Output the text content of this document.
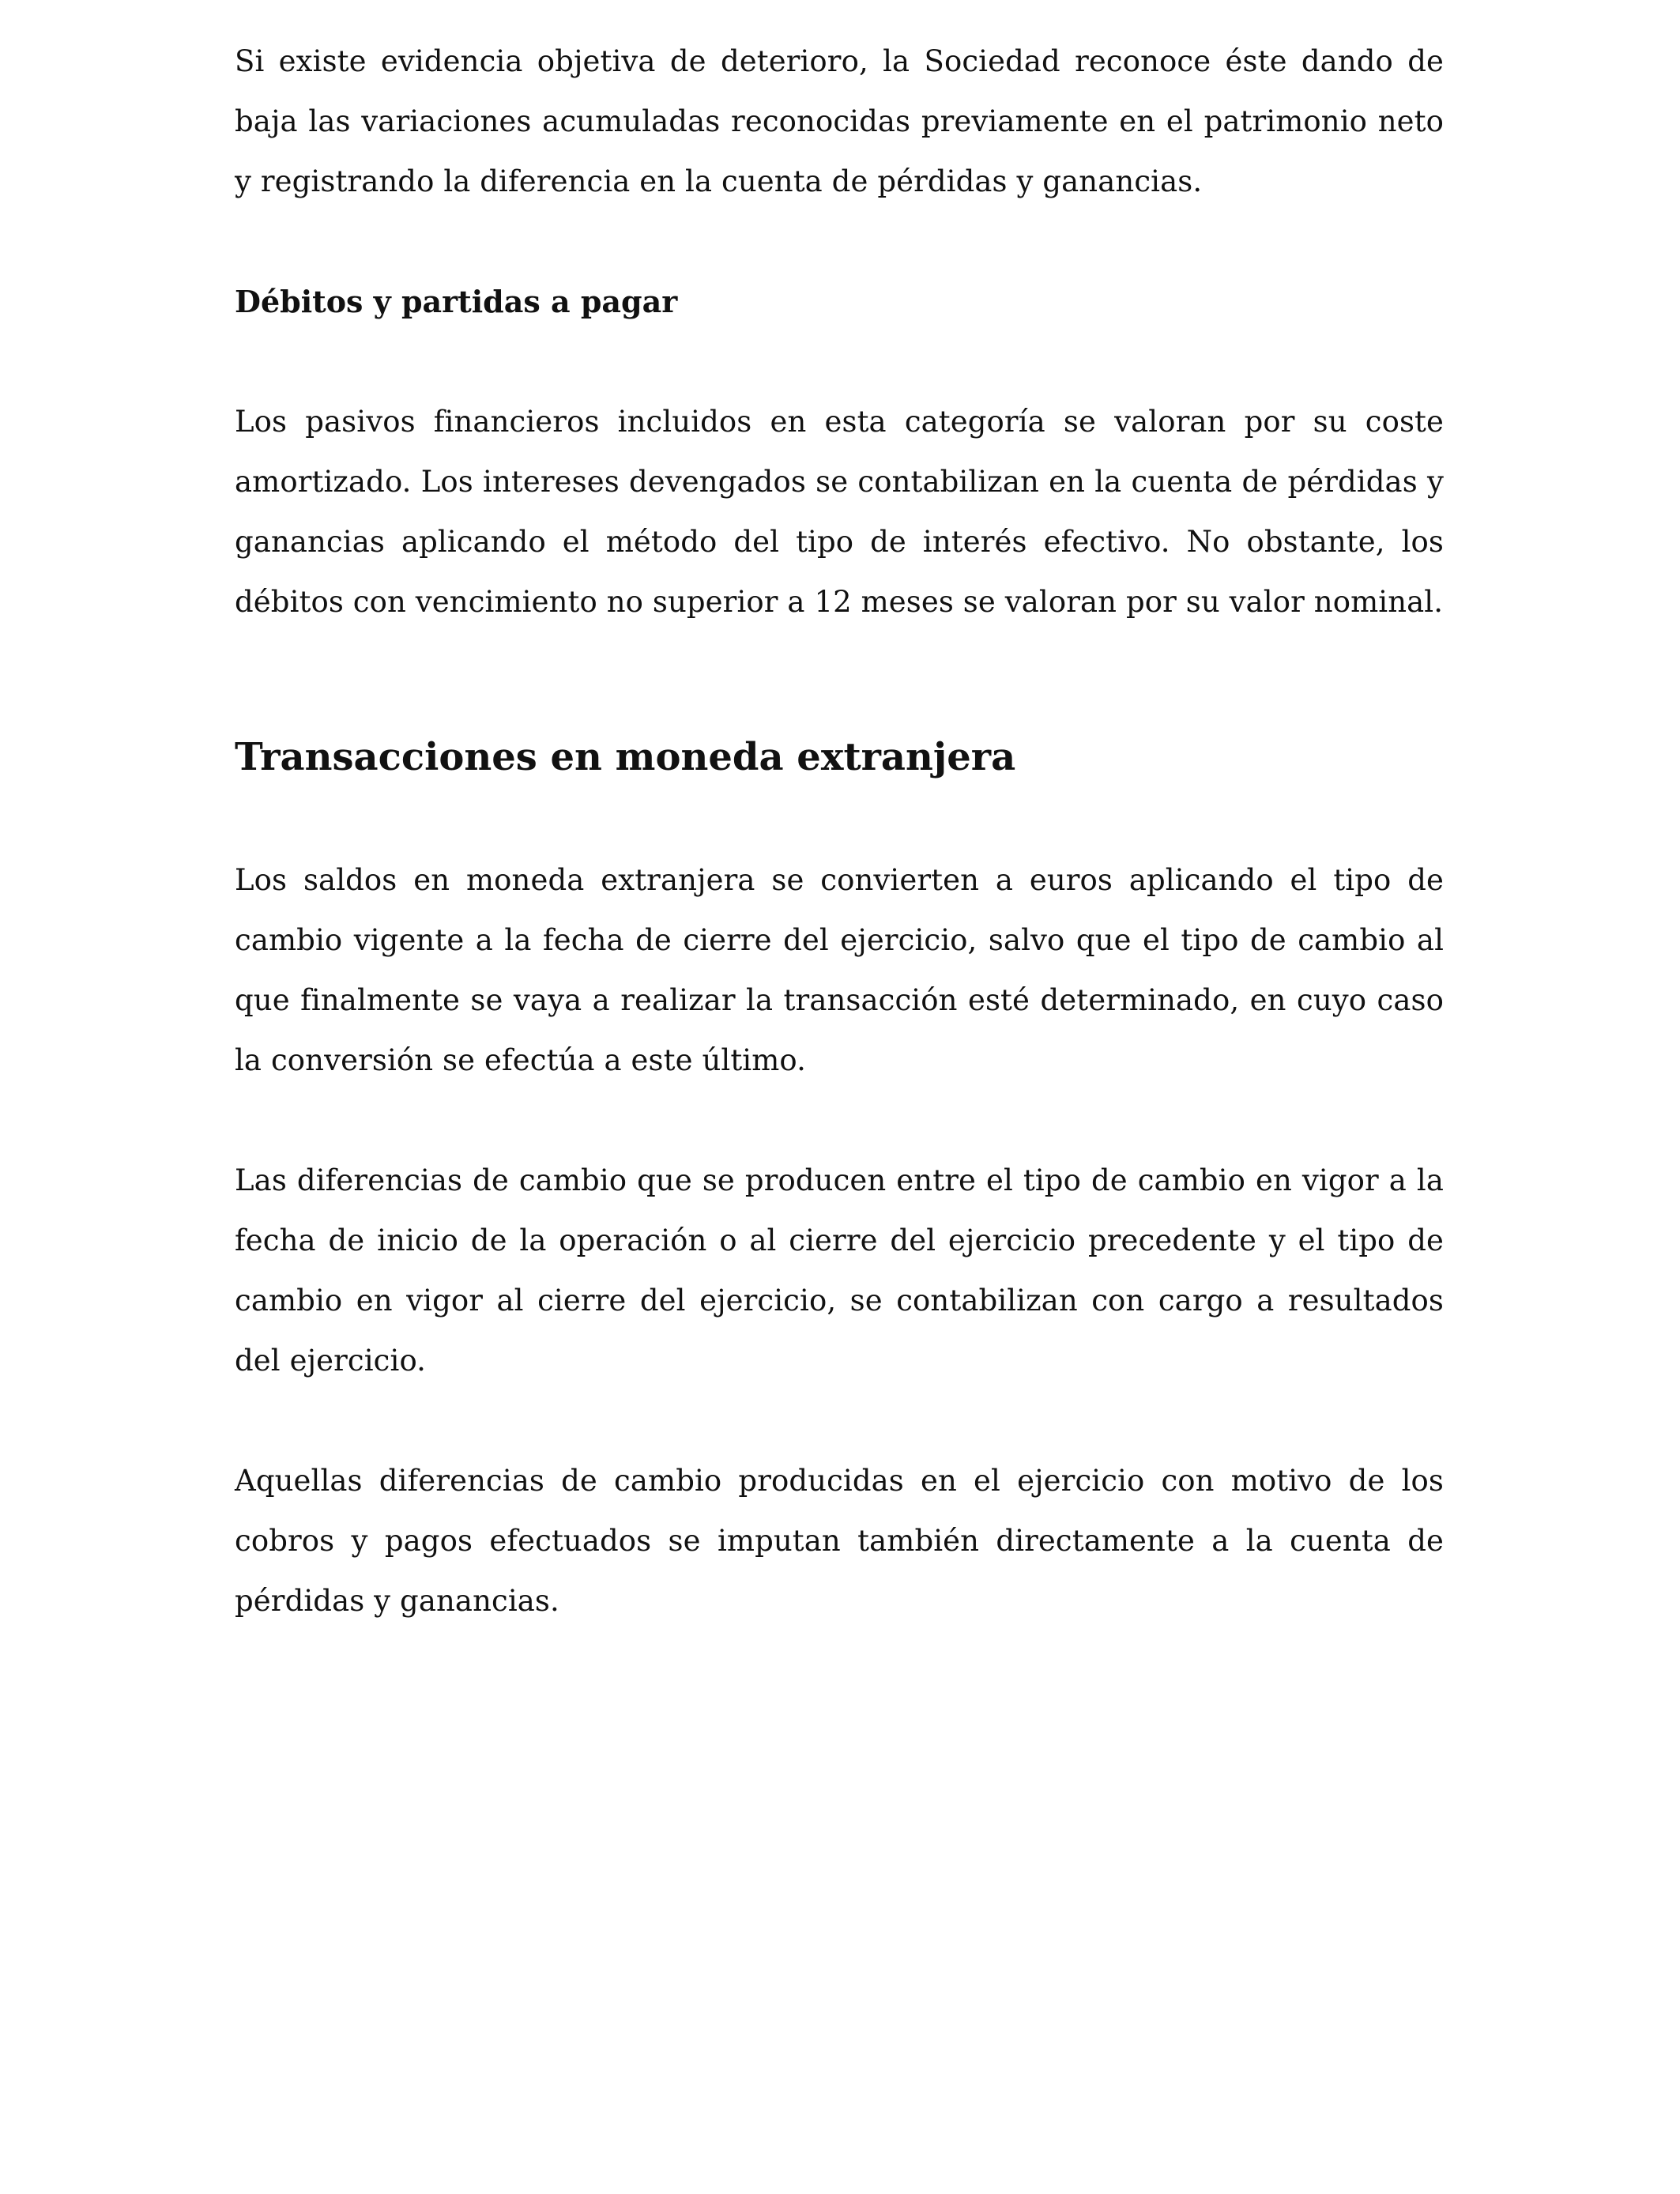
Si existe evidencia objetiva de deterioro, la Sociedad reconoce éste dando de baja las variaciones acumuladas reconocidas previamente en el patrimonio neto y registrando la diferencia en la cuenta de pérdidas y ganancias.

Débitos y partidas a pagar

Los pasivos financieros incluidos en esta categoría se valoran por su coste amortizado. Los intereses devengados se contabilizan en la cuenta de pérdidas y ganancias aplicando el método del tipo de interés efectivo. No obstante, los débitos con vencimiento no superior a 12 meses se valoran por su valor nominal.

Transacciones en moneda extranjera

Los saldos en moneda extranjera se convierten a euros aplicando el tipo de cambio vigente a la fecha de cierre del ejercicio, salvo que el tipo de cambio al que finalmente se vaya a realizar la transacción esté determinado, en cuyo caso la conversión se efectúa a este último.

Las diferencias de cambio que se producen entre el tipo de cambio en vigor a la fecha de inicio de la operación o al cierre del ejercicio precedente y el tipo de cambio en vigor al cierre del ejercicio, se contabilizan con cargo a resultados del ejercicio.

Aquellas diferencias de cambio producidas en el ejercicio con motivo de los cobros y pagos efectuados se imputan también directamente a la cuenta de pérdidas y ganancias.
